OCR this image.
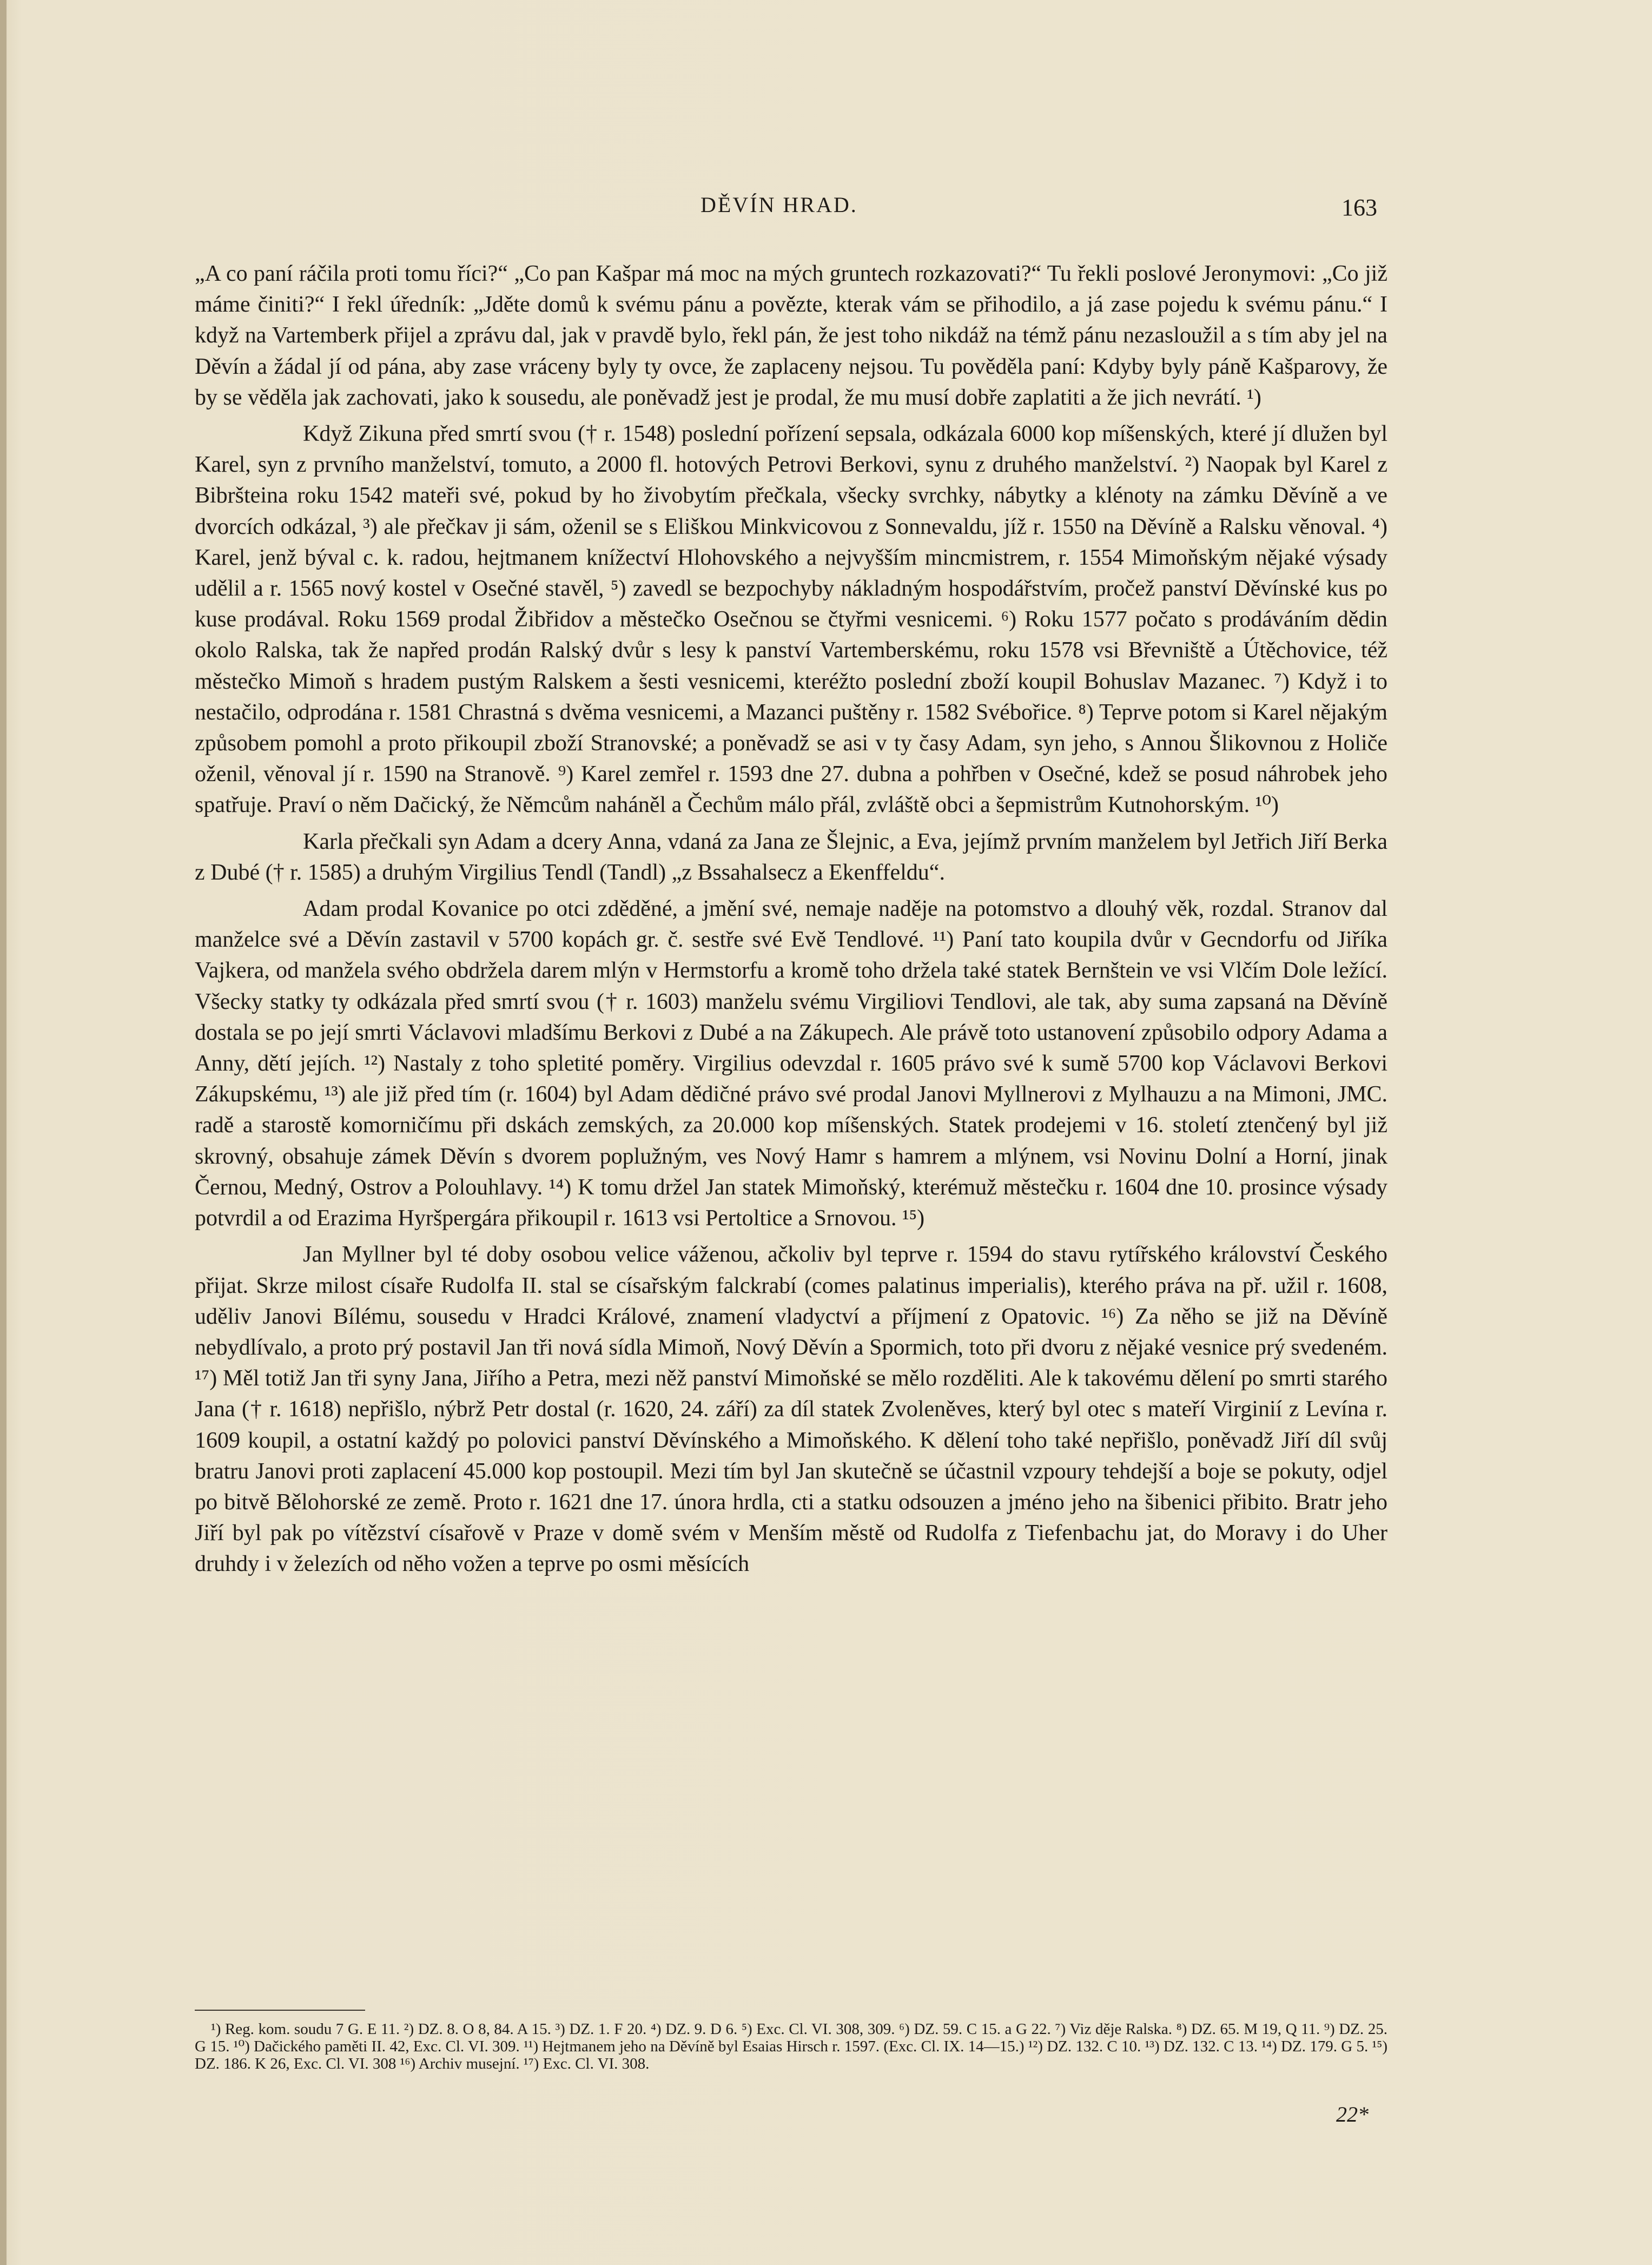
DĚVÍN HRAD.	163

„A co paní ráčila proti tomu říci?“ „Co pan Kašpar má moc na mých gruntech rozkazovati?“ Tu řekli poslové Jeronymovi: „Co již máme činiti?“ I řekl úředník: „Jděte domů k svému pánu a povězte, kterak vám se přihodilo, a já zase pojedu k svému pánu.“ I když na Vartemberk přijel a zprávu dal, jak v pravdě bylo, řekl pán, že jest toho nikdáž na témž pánu nezasloužil a s tím aby jel na Děvín a žádal jí od pána, aby zase vráceny byly ty ovce, že zaplaceny nejsou. Tu pověděla paní: Kdyby byly páně Kašparovy, že by se věděla jak zachovati, jako k sousedu, ale poněvadž jest je prodal, že mu musí dobře zaplatiti a že jich nevrátí. ¹)

Když Zikuna před smrtí svou († r. 1548) poslední pořízení sepsala, odkázala 6000 kop míšenských, které jí dlužen byl Karel, syn z prvního manželství, tomuto, a 2000 fl. hotových Petrovi Berkovi, synu z druhého manželství. ²) Naopak byl Karel z Bibršteina roku 1542 mateři své, pokud by ho živobytím přečkala, všecky svrchky, nábytky a klénoty na zámku Děvíně a ve dvorcích odkázal, ³) ale přečkav ji sám, oženil se s Eliškou Minkvicovou z Sonnevaldu, jíž r. 1550 na Děvíně a Ralsku věnoval. ⁴) Karel, jenž býval c. k. radou, hejtmanem knížectví Hlohovského a nejvyšším mincmistrem, r. 1554 Mimoňským nějaké výsady udělil a r. 1565 nový kostel v Osečné stavěl, ⁵) zavedl se bezpochyby nákladným hospodářstvím, pročež panství Děvínské kus po kuse prodával. Roku 1569 prodal Žibřidov a městečko Osečnou se čtyřmi vesnicemi. ⁶) Roku 1577 počato s prodáváním dědin okolo Ralska, tak že napřed prodán Ralský dvůr s lesy k panství Vartemberskému, roku 1578 vsi Břevniště a Útěchovice, též městečko Mimoň s hradem pustým Ralskem a šesti vesnicemi, kteréžto poslední zboží koupil Bohuslav Mazanec. ⁷) Když i to nestačilo, odprodána r. 1581 Chrastná s dvěma vesnicemi, a Mazanci puštěny r. 1582 Svébořice. ⁸) Teprve potom si Karel nějakým způsobem pomohl a proto přikoupil zboží Stranovské; a poněvadž se asi v ty časy Adam, syn jeho, s Annou Šlikovnou z Holiče oženil, věnoval jí r. 1590 na Stranově. ⁹) Karel zemřel r. 1593 dne 27. dubna a pohřben v Osečné, kdež se posud náhrobek jeho spatřuje. Praví o něm Dačický, že Němcům naháněl a Čechům málo přál, zvláště obci a šepmistrům Kutnohorským. ¹⁰)

Karla přečkali syn Adam a dcery Anna, vdaná za Jana ze Šlejnic, a Eva, jejímž prvním manželem byl Jetřich Jiří Berka z Dubé († r. 1585) a druhým Virgilius Tendl (Tandl) „z Bssahalsecz a Ekenffeldu“.

Adam prodal Kovanice po otci zděděné, a jmění své, nemaje naděje na potomstvo a dlouhý věk, rozdal. Stranov dal manželce své a Děvín zastavil v 5700 kopách gr. č. sestře své Evě Tendlové. ¹¹) Paní tato koupila dvůr v Gecndorfu od Jiříka Vajkera, od manžela svého obdržela darem mlýn v Hermstorfu a kromě toho držela také statek Bernštein ve vsi Vlčím Dole ležící. Všecky statky ty odkázala před smrtí svou († r. 1603) manželu svému Virgiliovi Tendlovi, ale tak, aby suma zapsaná na Děvíně dostala se po její smrti Václavovi mladšímu Berkovi z Dubé a na Zákupech. Ale právě toto ustanovení způsobilo odpory Adama a Anny, dětí jejích. ¹²) Nastaly z toho spletité poměry. Virgilius odevzdal r. 1605 právo své k sumě 5700 kop Václavovi Berkovi Zákupskému, ¹³) ale již před tím (r. 1604) byl Adam dědičné právo své prodal Janovi Myllnerovi z Mylhauzu a na Mimoni, JMC. radě a starostě komorničímu při dskách zemských, za 20.000 kop míšenských. Statek prodejemi v 16. století ztenčený byl již skrovný, obsahuje zámek Děvín s dvorem poplužným, ves Nový Hamr s hamrem a mlýnem, vsi Novinu Dolní a Horní, jinak Černou, Medný, Ostrov a Polouhlavy. ¹⁴) K tomu držel Jan statek Mimoňský, kterémuž městečku r. 1604 dne 10. prosince výsady potvrdil a od Erazima Hyršpergára přikoupil r. 1613 vsi Pertoltice a Srnovou. ¹⁵)

Jan Myllner byl té doby osobou velice váženou, ačkoliv byl teprve r. 1594 do stavu rytířského království Českého přijat. Skrze milost císaře Rudolfa II. stal se císařským falckrabí (comes palatinus imperialis), kterého práva na př. užil r. 1608, uděliv Janovi Bílému, sousedu v Hradci Králové, znamení vladyctví a příjmení z Opatovic. ¹⁶) Za něho se již na Děvíně nebydlívalo, a proto prý postavil Jan tři nová sídla Mimoň, Nový Děvín a Spormich, toto při dvoru z nějaké vesnice prý svedeném. ¹⁷) Měl totiž Jan tři syny Jana, Jiřího a Petra, mezi něž panství Mimoňské se mělo rozděliti. Ale k takovému dělení po smrti starého Jana († r. 1618) nepřišlo, nýbrž Petr dostal (r. 1620, 24. září) za díl statek Zvoleněves, který byl otec s mateří Virginií z Levína r. 1609 koupil, a ostatní každý po polovici panství Děvínského a Mimoňského. K dělení toho také nepřišlo, poněvadž Jiří díl svůj bratru Janovi proti zaplacení 45.000 kop postoupil. Mezi tím byl Jan skutečně se účastnil vzpoury tehdejší a boje se pokuty, odjel po bitvě Bělohorské ze země. Proto r. 1621 dne 17. února hrdla, cti a statku odsouzen a jméno jeho na šibenici přibito. Bratr jeho Jiří byl pak po vítězství císařově v Praze v domě svém v Menším městě od Rudolfa z Tiefenbachu jat, do Moravy i do Uher druhdy i v železích od něho vožen a teprve po osmi měsících

¹) Reg. kom. soudu 7 G. E 11. ²) DZ. 8. O 8, 84. A 15. ³) DZ. 1. F 20. ⁴) DZ. 9. D 6. ⁵) Exc. Cl. VI. 308, 309. ⁶) DZ. 59. C 15. a G 22. ⁷) Viz děje Ralska. ⁸) DZ. 65. M 19, Q 11. ⁹) DZ. 25. G 15. ¹⁰) Dačického paměti II. 42, Exc. Cl. VI. 309. ¹¹) Hejtmanem jeho na Děvíně byl Esaias Hirsch r. 1597. (Exc. Cl. IX. 14—15.) ¹²) DZ. 132. C 10. ¹³) DZ. 132. C 13. ¹⁴) DZ. 179. G 5. ¹⁵) DZ. 186. K 26, Exc. Cl. VI. 308 ¹⁶) Archiv musejní. ¹⁷) Exc. Cl. VI. 308.

22*
